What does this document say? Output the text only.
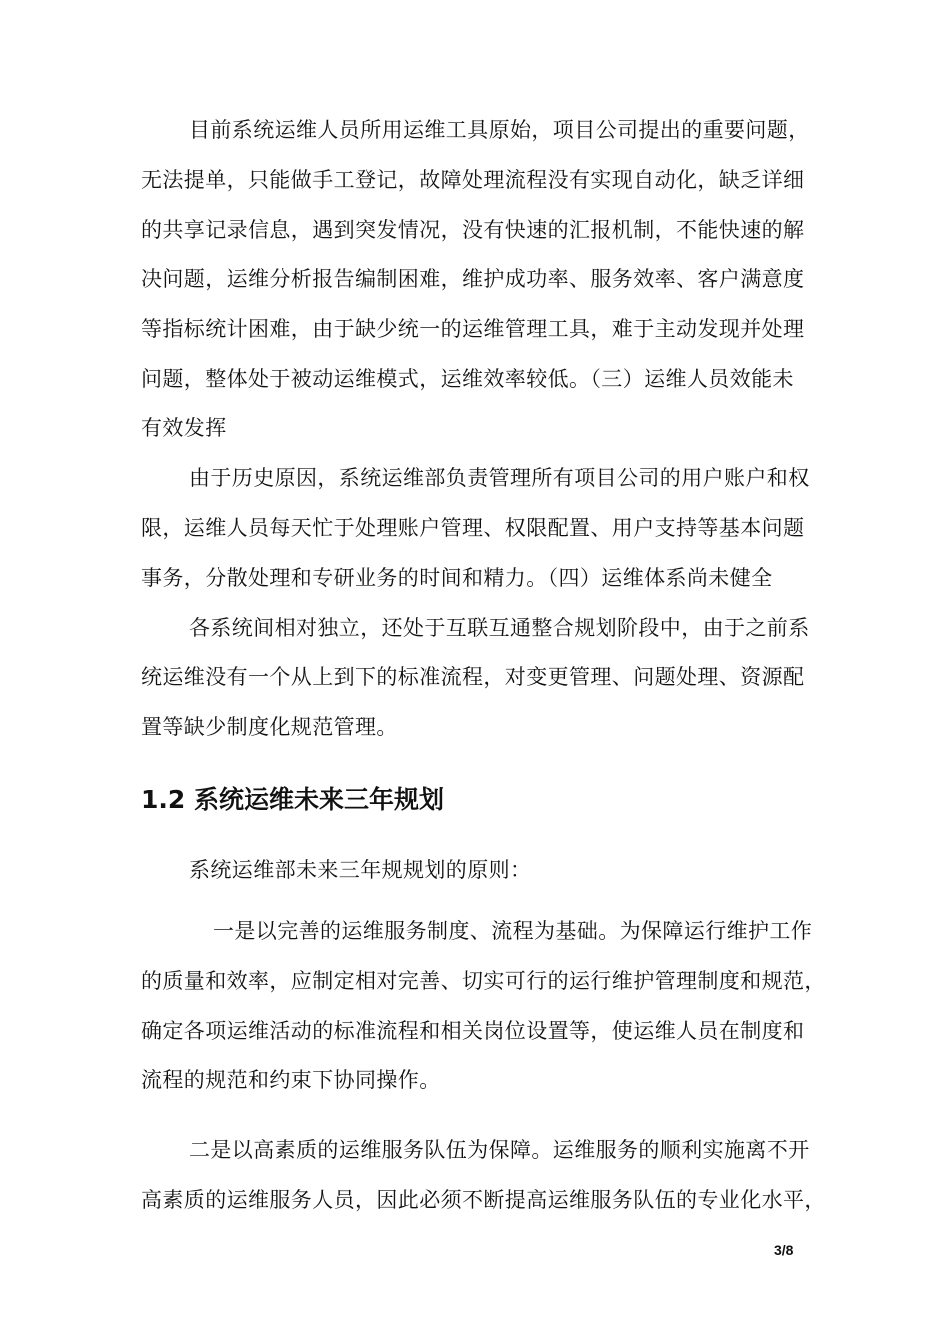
目前系统运维人员所用运维工具原始，项目公司提出的重要问题，

无法提单，只能做手工登记，故障处理流程没有实现自动化，缺乏详细

的共享记录信息，遇到突发情况，没有快速的汇报机制，不能快速的解

决问题，运维分析报告编制困难，维护成功率、服务效率、客户满意度

等指标统计困难，由于缺少统一的运维管理工具，难于主动发现并处理

问题，整体处于被动运维模式，运维效率较低。（三）运维人员效能未

有效发挥

由于历史原因，系统运维部负责管理所有项目公司的用户账户和权

限，运维人员每天忙于处理账户管理、权限配置、用户支持等基本问题

事务，分散处理和专研业务的时间和精力。（四）运维体系尚未健全

各系统间相对独立，还处于互联互通整合规划阶段中，由于之前系

统运维没有一个从上到下的标准流程，对变更管理、问题处理、资源配

置等缺少制度化规范管理。

1.2 系统运维未来三年规划

系统运维部未来三年规规划的原则：

一是以完善的运维服务制度、流程为基础。为保障运行维护工作

的质量和效率，应制定相对完善、切实可行的运行维护管理制度和规范，

确定各项运维活动的标准流程和相关岗位设置等，使运维人员在制度和

流程的规范和约束下协同操作。

二是以高素质的运维服务队伍为保障。运维服务的顺利实施离不开

高素质的运维服务人员，因此必须不断提高运维服务队伍的专业化水平，

3/8
